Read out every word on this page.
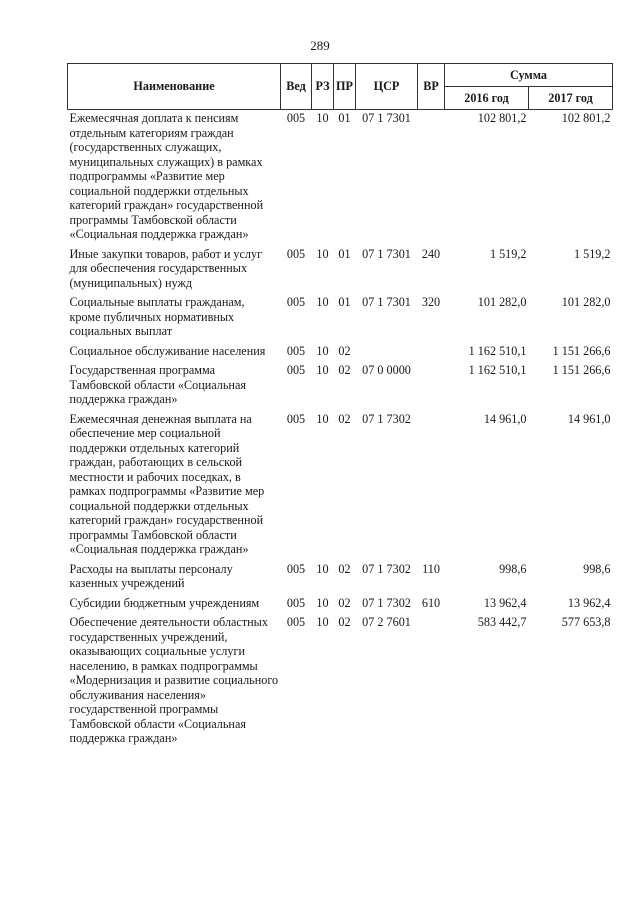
289
Наименование	Вед	РЗ	ПР	ЦСР	ВР	Сумма	
						2016 год	2017 год
Ежемесячная доплата к пенсиям отдельным категориям граждан (государственных служащих, муниципальных служащих) в рамках подпрограммы «Развитие мер социальной поддержки отдельных категорий граждан» государственной программы Тамбовской области «Социальная поддержка граждан»	005	10	01	07 1 7301		102 801,2	102 801,2
Иные закупки товаров, работ и услуг для обеспечения государственных (муниципальных) нужд	005	10	01	07 1 7301	240	1 519,2	1 519,2
Социальные выплаты гражданам, кроме публичных нормативных социальных выплат	005	10	01	07 1 7301	320	101 282,0	101 282,0
Социальное обслуживание населения	005	10	02			1 162 510,1	1 151 266,6
Государственная программа Тамбовской области «Социальная поддержка граждан»	005	10	02	07 0 0000		1 162 510,1	1 151 266,6
Ежемесячная денежная выплата на обеспечение мер социальной поддержки отдельных категорий граждан, работающих в сельской местности и рабочих поседках, в рамках подпрограммы «Развитие мер социальной поддержки отдельных категорий граждан» государственной программы Тамбовской области «Социальная поддержка граждан»	005	10	02	07 1 7302		14 961,0	14 961,0
Расходы на выплаты персоналу казенных учреждений	005	10	02	07 1 7302	110	998,6	998,6
Субсидии бюджетным учреждениям	005	10	02	07 1 7302	610	13 962,4	13 962,4
Обеспечение деятельности областных государственных учреждений, оказывающих социальные услуги населению, в рамках подпрограммы «Модернизация и развитие социального обслуживания населения» государственной программы Тамбовской области «Социальная поддержка граждан»	005	10	02	07 2 7601		583 442,7	577 653,8
